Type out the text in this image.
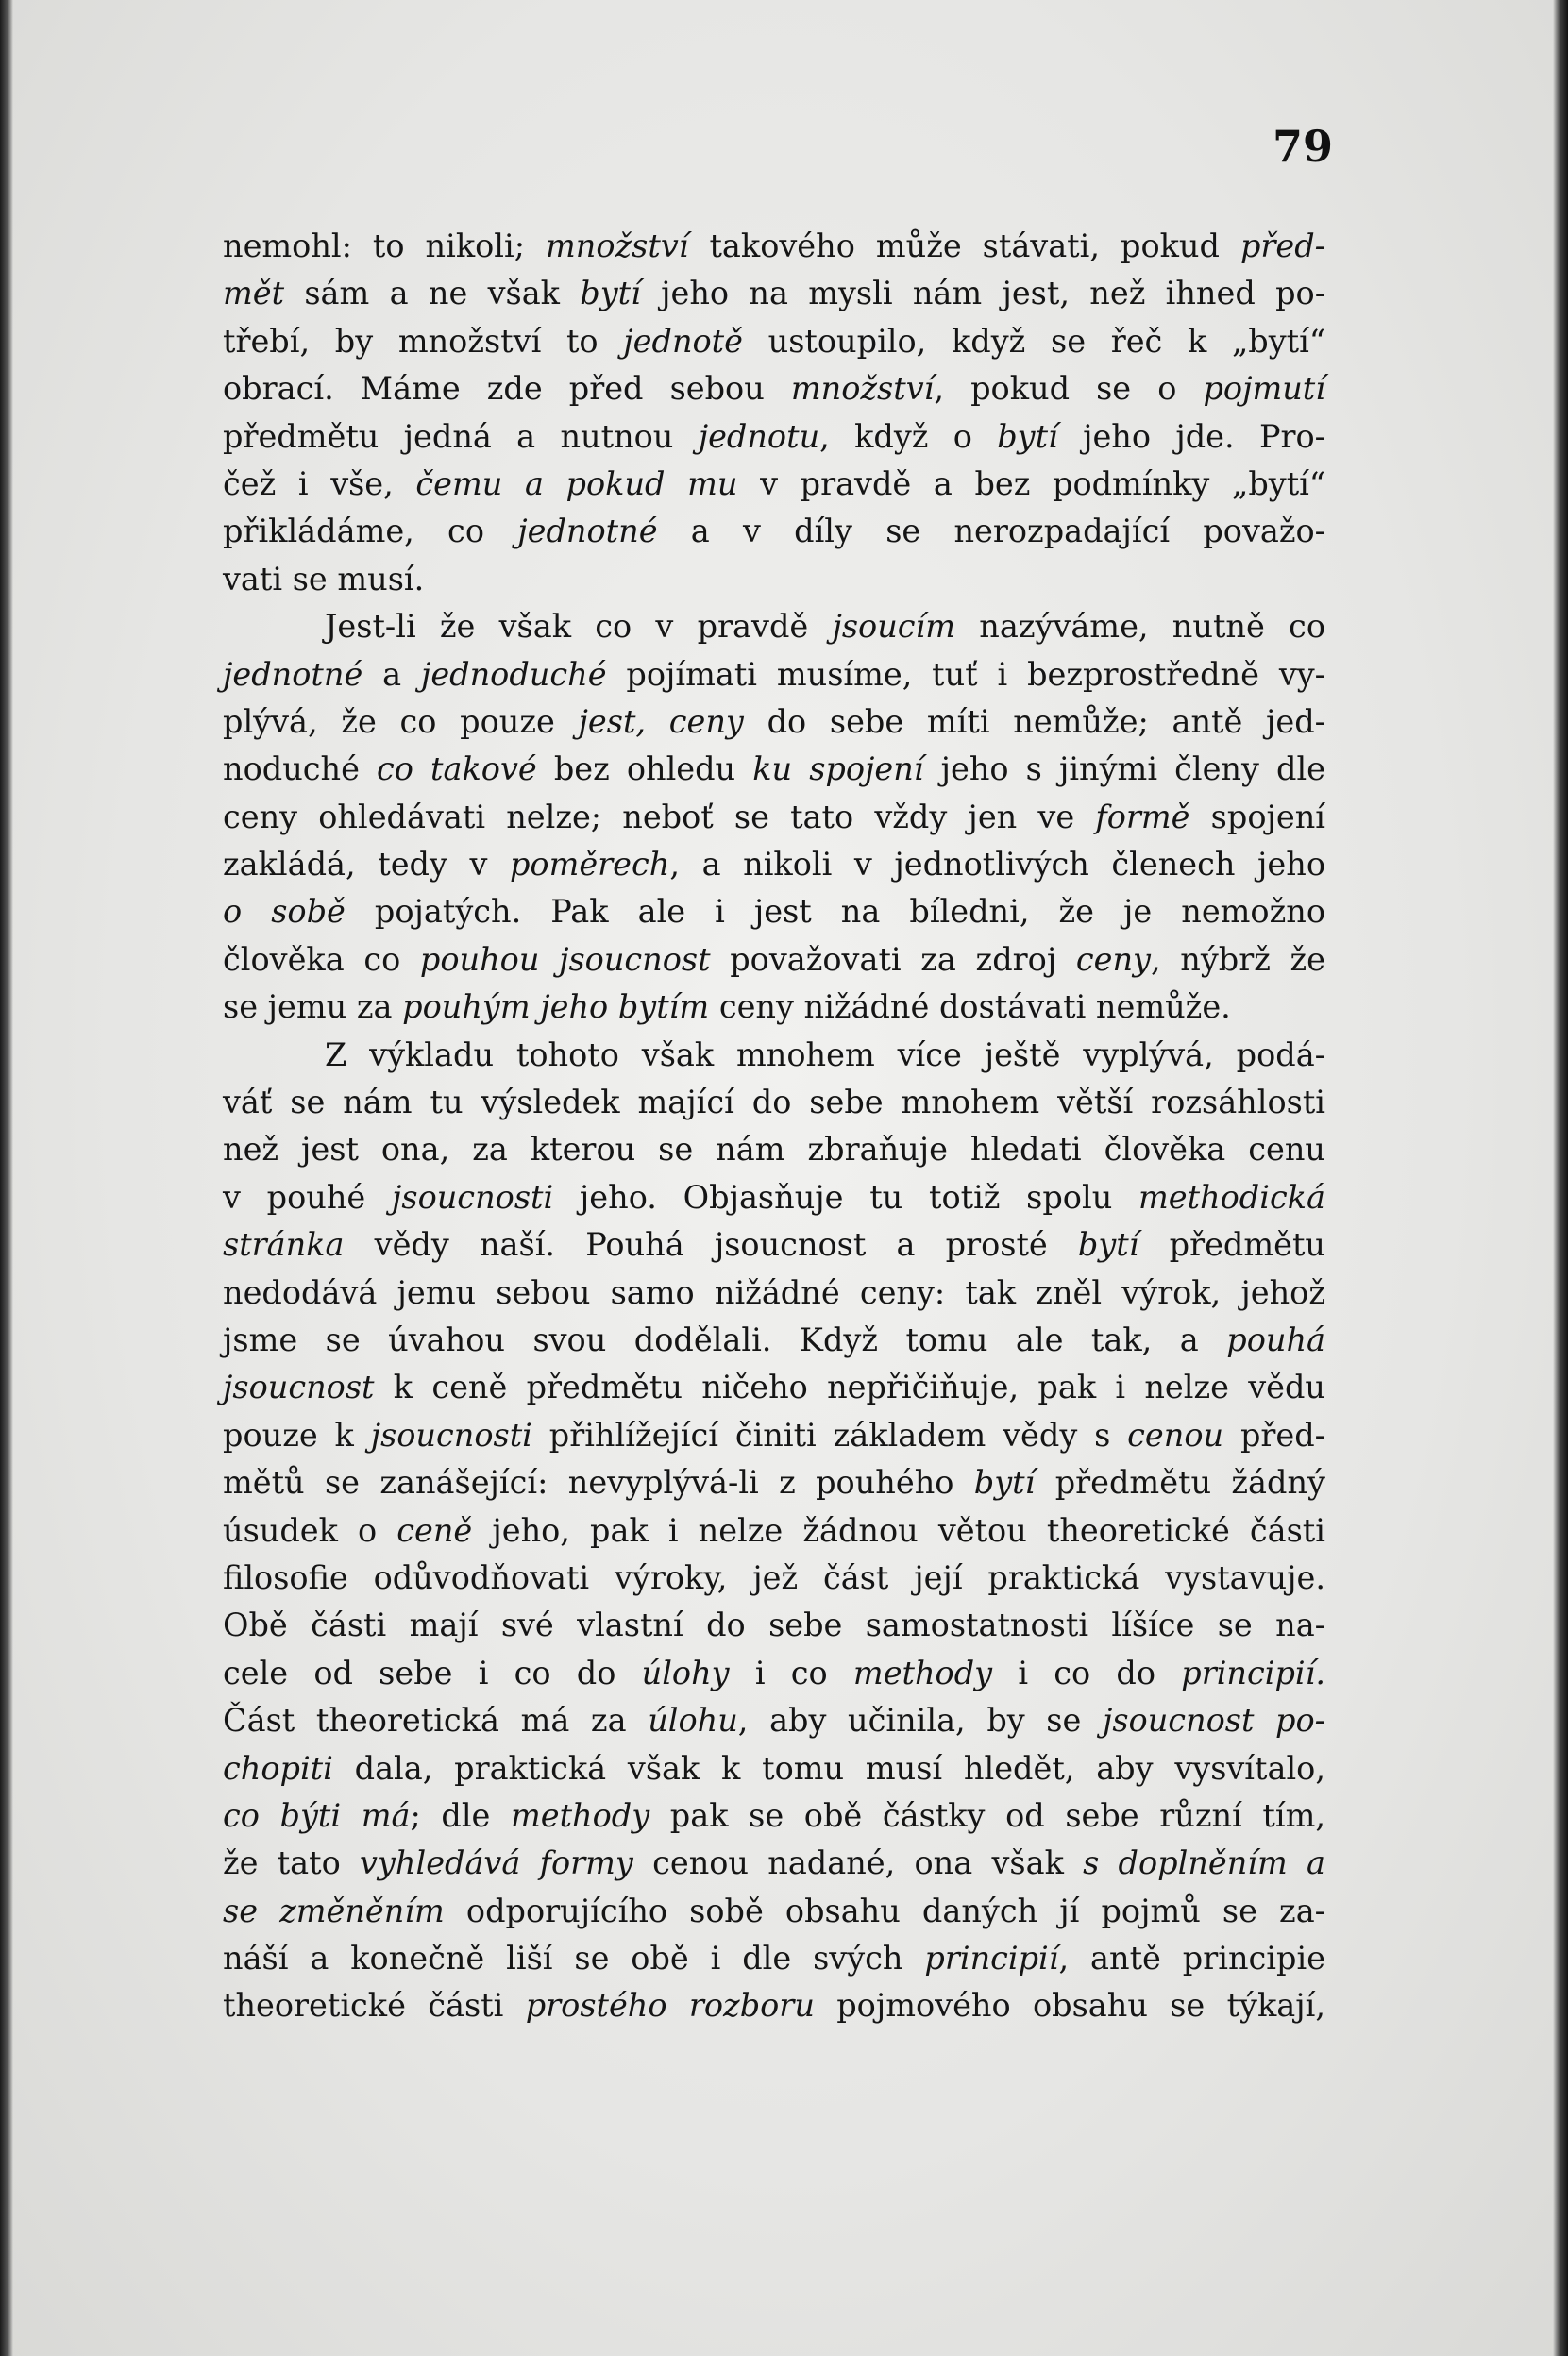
79
nemohl: to nikoli; množství takového může stávati, pokud před-
mět sám a ne však bytí jeho na mysli nám jest, než ihned po-
třebí, by množství to jednotě ustoupilo, když se řeč k „bytí“
obrací. Máme zde před sebou množství, pokud se o pojmutí
předmětu jedná a nutnou jednotu, když o bytí jeho jde. Pro-
čež i vše, čemu a pokud mu v pravdě a bez podmínky „bytí“
přikládáme, co jednotné a v díly se nerozpadající považo-
vati se musí.
Jest-li že však co v pravdě jsoucím nazýváme, nutně co
jednotné a jednoduché pojímati musíme, tuť i bezprostředně vy-
plývá, že co pouze jest, ceny do sebe míti nemůže; antě jed-
noduché co takové bez ohledu ku spojení jeho s jinými členy dle
ceny ohledávati nelze; neboť se tato vždy jen ve formě spojení
zakládá, tedy v poměrech, a nikoli v jednotlivých členech jeho
o sobě pojatých. Pak ale i jest na bíledni, že je nemožno
člověka co pouhou jsoucnost považovati za zdroj ceny, nýbrž že
se jemu za pouhým jeho bytím ceny nižádné dostávati nemůže.
Z výkladu tohoto však mnohem více ještě vyplývá, podá-
váť se nám tu výsledek mající do sebe mnohem větší rozsáhlosti
než jest ona, za kterou se nám zbraňuje hledati člověka cenu
v pouhé jsoucnosti jeho. Objasňuje tu totiž spolu methodická
stránka vědy naší. Pouhá jsoucnost a prosté bytí předmětu
nedodává jemu sebou samo nižádné ceny: tak zněl výrok, jehož
jsme se úvahou svou dodělali. Když tomu ale tak, a pouhá
jsoucnost k ceně předmětu ničeho nepřičiňuje, pak i nelze vědu
pouze k jsoucnosti přihlížející činiti základem vědy s cenou před-
mětů se zanášející: nevyplývá-li z pouhého bytí předmětu žádný
úsudek o ceně jeho, pak i nelze žádnou větou theoretické části
filosofie odůvodňovati výroky, jež část její praktická vystavuje.
Obě části mají své vlastní do sebe samostatnosti líšíce se na-
cele od sebe i co do úlohy i co methody i co do principií.
Část theoretická má za úlohu, aby učinila, by se jsoucnost po-
chopiti dala, praktická však k tomu musí hledět, aby vysvítalo,
co býti má; dle methody pak se obě částky od sebe různí tím,
že tato vyhledává formy cenou nadané, ona však s doplněním a
se změněním odporujícího sobě obsahu daných jí pojmů se za-
náší a konečně liší se obě i dle svých principií, antě principie
theoretické části prostého rozboru pojmového obsahu se týkají,
